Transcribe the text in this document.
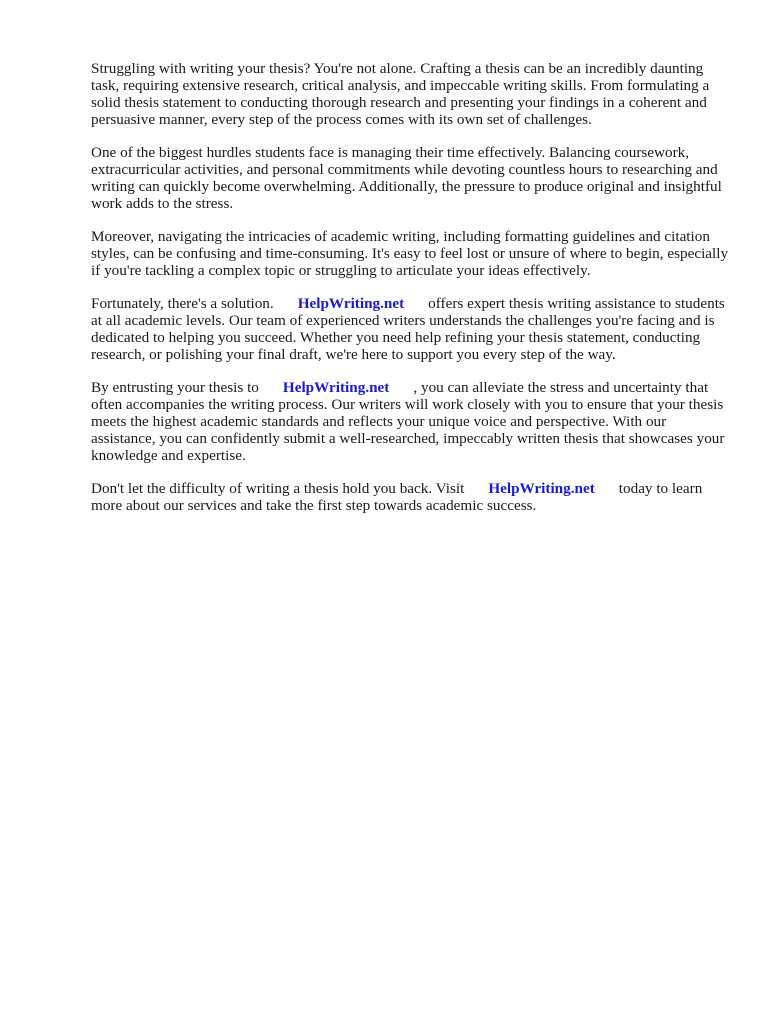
Struggling with writing your thesis? You're not alone. Crafting a thesis can be an incredibly daunting task, requiring extensive research, critical analysis, and impeccable writing skills. From formulating a solid thesis statement to conducting thorough research and presenting your findings in a coherent and persuasive manner, every step of the process comes with its own set of challenges.

One of the biggest hurdles students face is managing their time effectively. Balancing coursework, extracurricular activities, and personal commitments while devoting countless hours to researching and writing can quickly become overwhelming. Additionally, the pressure to produce original and insightful work adds to the stress.

Moreover, navigating the intricacies of academic writing, including formatting guidelines and citation styles, can be confusing and time-consuming. It's easy to feel lost or unsure of where to begin, especially if you're tackling a complex topic or struggling to articulate your ideas effectively.

Fortunately, there's a solution. HelpWriting.net offers expert thesis writing assistance to students at all academic levels. Our team of experienced writers understands the challenges you're facing and is dedicated to helping you succeed. Whether you need help refining your thesis statement, conducting research, or polishing your final draft, we're here to support you every step of the way.

By entrusting your thesis to HelpWriting.net , you can alleviate the stress and uncertainty that often accompanies the writing process. Our writers will work closely with you to ensure that your thesis meets the highest academic standards and reflects your unique voice and perspective. With our assistance, you can confidently submit a well-researched, impeccably written thesis that showcases your knowledge and expertise.

Don't let the difficulty of writing a thesis hold you back. Visit HelpWriting.net today to learn more about our services and take the first step towards academic success.
